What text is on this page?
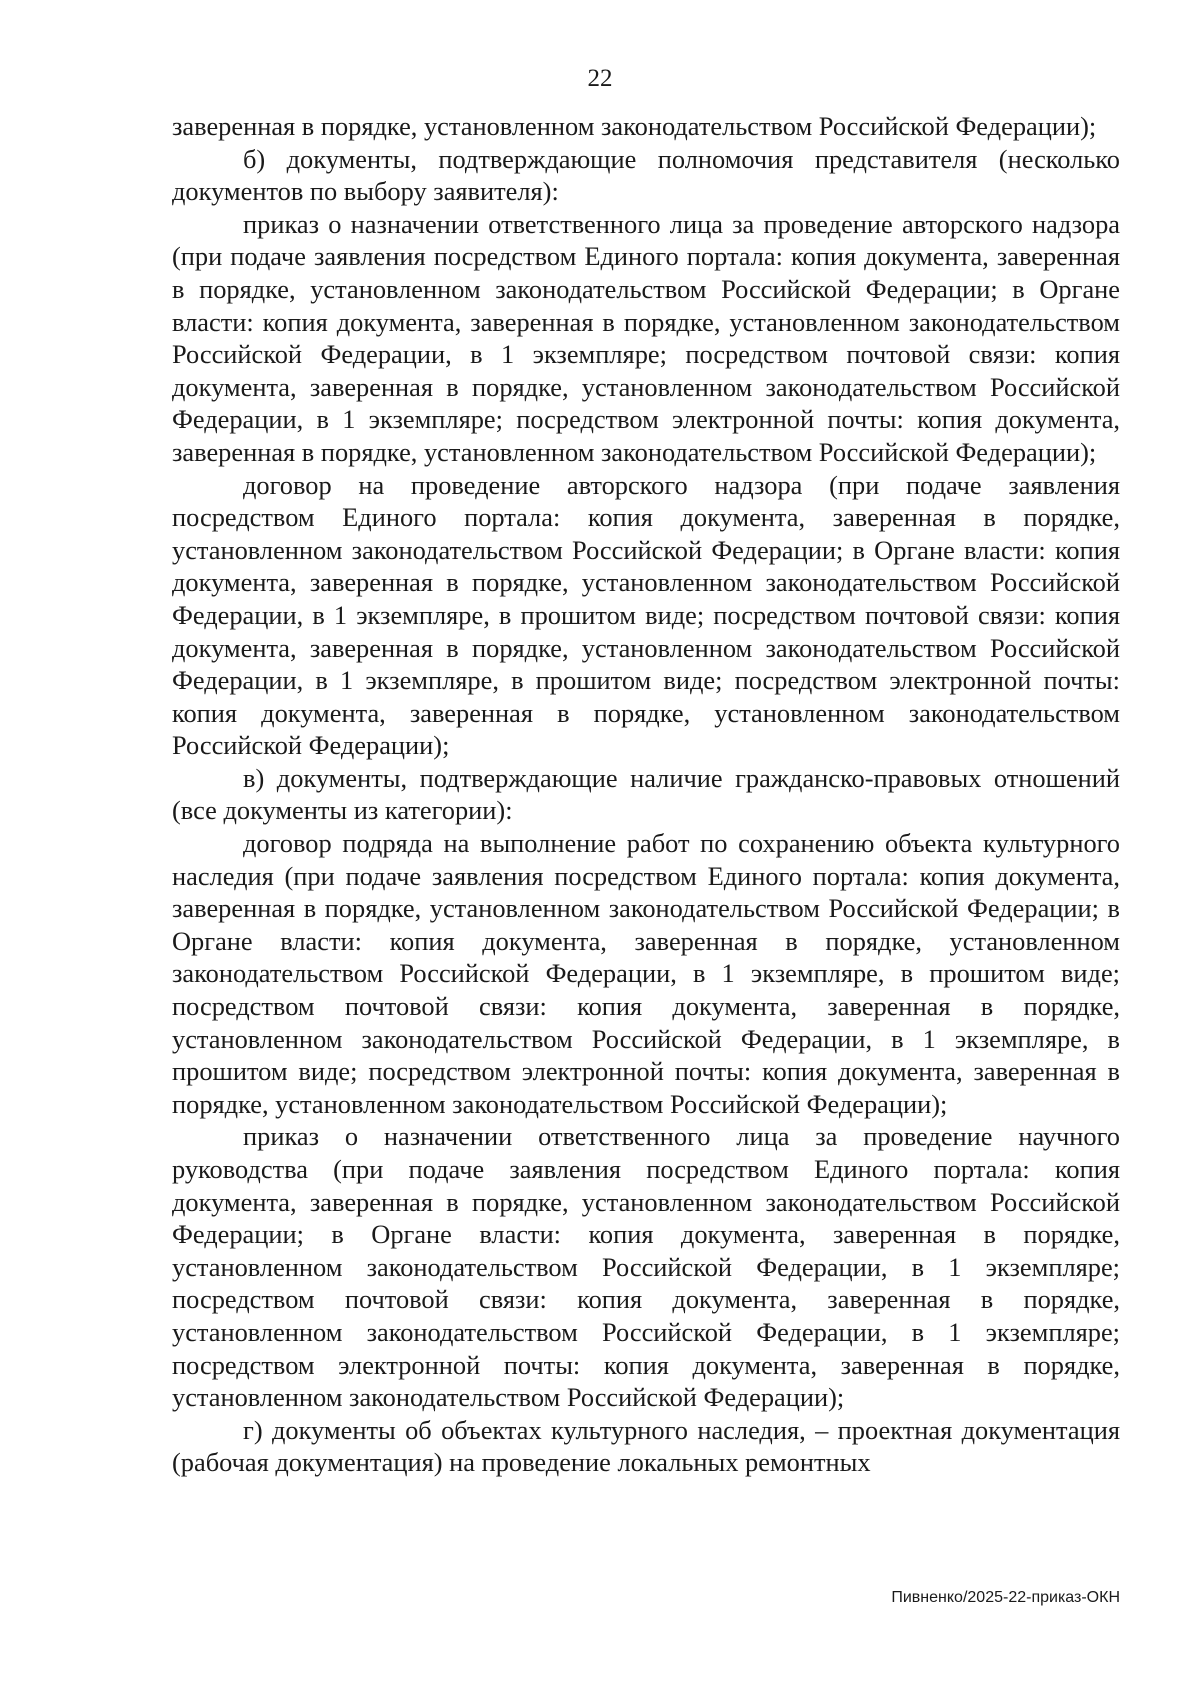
22

заверенная в порядке, установленном законодательством Российской Федерации);

б) документы, подтверждающие полномочия представителя (несколько документов по выбору заявителя):

приказ о назначении ответственного лица за проведение авторского надзора (при подаче заявления посредством Единого портала: копия документа, заверенная в порядке, установленном законодательством Российской Федерации; в Органе власти: копия документа, заверенная в порядке, установленном законодательством Российской Федерации, в 1 экземпляре; посредством почтовой связи: копия документа, заверенная в порядке, установленном законодательством Российской Федерации, в 1 экземпляре; посредством электронной почты: копия документа, заверенная в порядке, установленном законодательством Российской Федерации);

договор на проведение авторского надзора (при подаче заявления посредством Единого портала: копия документа, заверенная в порядке, установленном законодательством Российской Федерации; в Органе власти: копия документа, заверенная в порядке, установленном законодательством Российской Федерации, в 1 экземпляре, в прошитом виде; посредством почтовой связи: копия документа, заверенная в порядке, установленном законодательством Российской Федерации, в 1 экземпляре, в прошитом виде; посредством электронной почты: копия документа, заверенная в порядке, установленном законодательством Российской Федерации);

в) документы, подтверждающие наличие гражданско-правовых отношений (все документы из категории):

договор подряда на выполнение работ по сохранению объекта культурного наследия (при подаче заявления посредством Единого портала: копия документа, заверенная в порядке, установленном законодательством Российской Федерации; в Органе власти: копия документа, заверенная в порядке, установленном законодательством Российской Федерации, в 1 экземпляре, в прошитом виде; посредством почтовой связи: копия документа, заверенная в порядке, установленном законодательством Российской Федерации, в 1 экземпляре, в прошитом виде; посредством электронной почты: копия документа, заверенная в порядке, установленном законодательством Российской Федерации);

приказ о назначении ответственного лица за проведение научного руководства (при подаче заявления посредством Единого портала: копия документа, заверенная в порядке, установленном законодательством Российской Федерации; в Органе власти: копия документа, заверенная в порядке, установленном законодательством Российской Федерации, в 1 экземпляре; посредством почтовой связи: копия документа, заверенная в порядке, установленном законодательством Российской Федерации, в 1 экземпляре; посредством электронной почты: копия документа, заверенная в порядке, установленном законодательством Российской Федерации);

г) документы об объектах культурного наследия, – проектная документация (рабочая документация) на проведение локальных ремонтных

Пивненко/2025-22-приказ-ОКН
